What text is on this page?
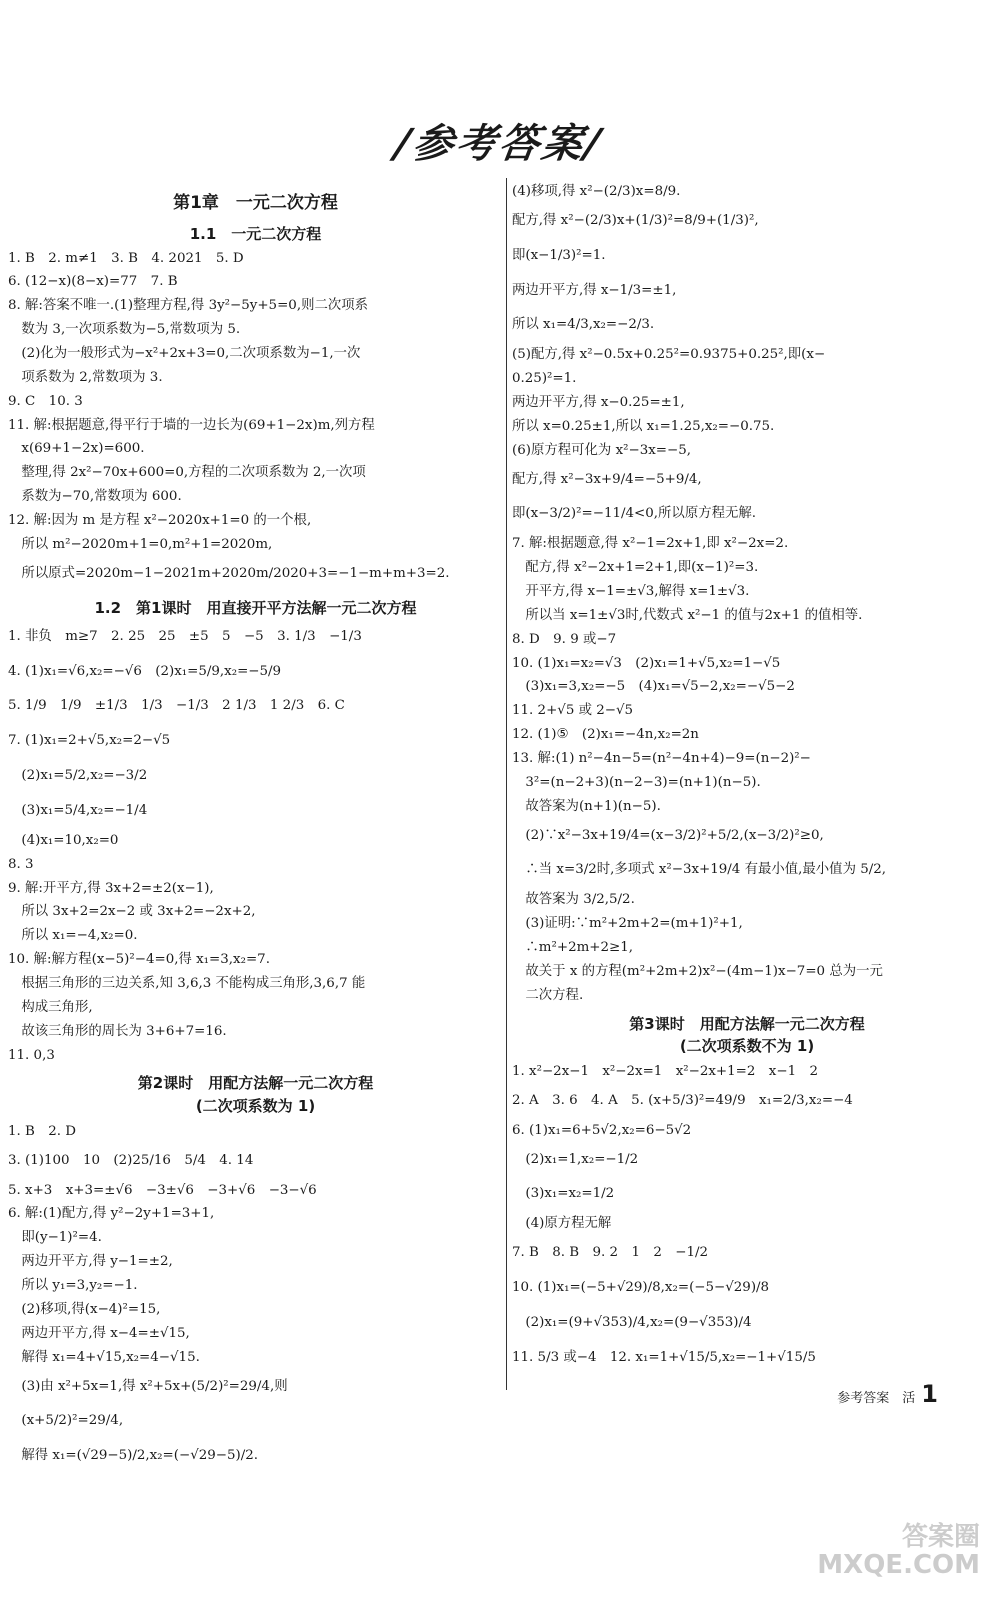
/参考答案/
第1章　一元二次方程
1.1　一元二次方程
1. B　2. m≠1　3. B　4. 2021　5. D
6. (12−x)(8−x)=77　7. B
8. 解:答案不唯一.(1)整理方程,得 3y²−5y+5=0,则二次项系
　数为 3,一次项系数为−5,常数项为 5.
　(2)化为一般形式为−x²+2x+3=0,二次项系数为−1,一次
　项系数为 2,常数项为 3.
9. C　10. 3
11. 解:根据题意,得平行于墙的一边长为(69+1−2x)m,列方程
　x(69+1−2x)=600.
　整理,得 2x²−70x+600=0,方程的二次项系数为 2,一次项
　系数为−70,常数项为 600.
12. 解:因为 m 是方程 x²−2020x+1=0 的一个根,
　所以 m²−2020m+1=0,m²+1=2020m,
　所以原式=2020m−1−2021m+2020m/2020+3=−1−m+m+3=2.
1.2　第1课时　用直接开平方法解一元二次方程
1. 非负　m≥7　2. 25　25　±5　5　−5　3. 1/3　−1/3
4. (1)x₁=√6,x₂=−√6　(2)x₁=5/9,x₂=−5/9
5. 1/9　1/9　±1/3　1/3　−1/3　2 1/3　1 2/3　6. C
7. (1)x₁=2+√5,x₂=2−√5
　(2)x₁=5/2,x₂=−3/2
　(3)x₁=5/4,x₂=−1/4
　(4)x₁=10,x₂=0
8. 3
9. 解:开平方,得 3x+2=±2(x−1),
　所以 3x+2=2x−2 或 3x+2=−2x+2,
　所以 x₁=−4,x₂=0.
10. 解:解方程(x−5)²−4=0,得 x₁=3,x₂=7.
　根据三角形的三边关系,知 3,6,3 不能构成三角形,3,6,7 能
　构成三角形,
　故该三角形的周长为 3+6+7=16.
11. 0,3
第2课时　用配方法解一元二次方程
(二次项系数为 1)
1. B　2. D
3. (1)100　10　(2)25/16　5/4　4. 14
5. x+3　x+3=±√6　−3±√6　−3+√6　−3−√6
6. 解:(1)配方,得 y²−2y+1=3+1,
　即(y−1)²=4.
　两边开平方,得 y−1=±2,
　所以 y₁=3,y₂=−1.
　(2)移项,得(x−4)²=15,
　两边开平方,得 x−4=±√15,
　解得 x₁=4+√15,x₂=4−√15.
　(3)由 x²+5x=1,得 x²+5x+(5/2)²=29/4,则
　(x+5/2)²=29/4,
　解得 x₁=(√29−5)/2,x₂=(−√29−5)/2.
(4)移项,得 x²−(2/3)x=8/9.
配方,得 x²−(2/3)x+(1/3)²=8/9+(1/3)²,
即(x−1/3)²=1.
两边开平方,得 x−1/3=±1,
所以 x₁=4/3,x₂=−2/3.
(5)配方,得 x²−0.5x+0.25²=0.9375+0.25²,即(x−
0.25)²=1.
两边开平方,得 x−0.25=±1,
所以 x=0.25±1,所以 x₁=1.25,x₂=−0.75.
(6)原方程可化为 x²−3x=−5,
配方,得 x²−3x+9/4=−5+9/4,
即(x−3/2)²=−11/4<0,所以原方程无解.
7. 解:根据题意,得 x²−1=2x+1,即 x²−2x=2.
　配方,得 x²−2x+1=2+1,即(x−1)²=3.
　开平方,得 x−1=±√3,解得 x=1±√3.
　所以当 x=1±√3时,代数式 x²−1 的值与2x+1 的值相等.
8. D　9. 9 或−7
10. (1)x₁=x₂=√3　(2)x₁=1+√5,x₂=1−√5
　(3)x₁=3,x₂=−5　(4)x₁=√5−2,x₂=−√5−2
11. 2+√5 或 2−√5
12. (1)⑤　(2)x₁=−4n,x₂=2n
13. 解:(1) n²−4n−5=(n²−4n+4)−9=(n−2)²−
　3²=(n−2+3)(n−2−3)=(n+1)(n−5).
　故答案为(n+1)(n−5).
　(2)∵x²−3x+19/4=(x−3/2)²+5/2,(x−3/2)²≥0,
　∴当 x=3/2时,多项式 x²−3x+19/4 有最小值,最小值为 5/2,
　故答案为 3/2,5/2.
　(3)证明:∵m²+2m+2=(m+1)²+1,
　∴m²+2m+2≥1,
　故关于 x 的方程(m²+2m+2)x²−(4m−1)x−7=0 总为一元
　二次方程.
第3课时　用配方法解一元二次方程
(二次项系数不为 1)
1. x²−2x−1　x²−2x=1　x²−2x+1=2　x−1　2
2. A　3. 6　4. A　5. (x+5/3)²=49/9　x₁=2/3,x₂=−4
6. (1)x₁=6+5√2,x₂=6−5√2
　(2)x₁=1,x₂=−1/2
　(3)x₁=x₂=1/2
　(4)原方程无解
7. B　8. B　9. 2　1　2　−1/2
10. (1)x₁=(−5+√29)/8,x₂=(−5−√29)/8
　(2)x₁=(9+√353)/4,x₂=(9−√353)/4
11. 5/3 或−4　12. x₁=1+√15/5,x₂=−1+√15/5
参考答案　活 1
答案圈
MXQE.COM
